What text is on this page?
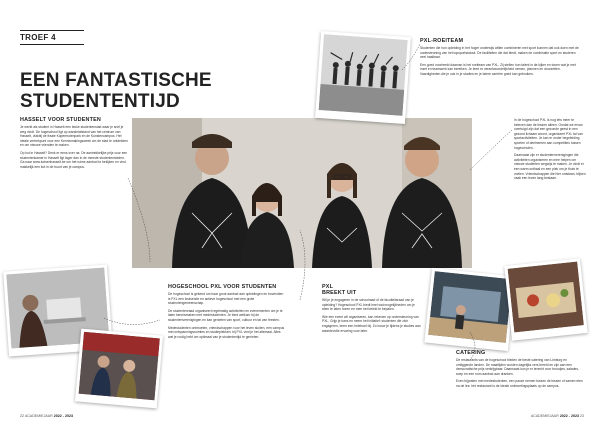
TROEF 4
EEN FANTASTISCHE STUDENTENTIJD
HASSELT VOOR STUDENTEN

Je werkt als student in Hasselt een leuke studentenstad waar je snel je weg vindt. De hogeschool ligt op wandelafstand van het centrum van Hasselt, vlakbij de fraaie Kapermolenpark en de Kunstencampus. Het ideale vertrekpunt voor een Kennismakingsweek om de stad te ontdekken en om nieuwe vrienden te maken.

Op kot in Hasselt? Denk er eens over na. De aantrekkelijke prijs voor een studentenkamer in Hasselt ligt lager dan in de meeste studentensteden. Ga naar www.kotsenhasselt.be om het ruime aanbod te bekijken en vind makkelijk een kot in de buurt van je campus.

HOGESCHOOL PXL VOOR STUDENTEN

De hogeschool is gekend om haar groot aanbod aan opleidingen en bovendien is PXL een bruisende en actieve hogeschool met een grote studentengemeenschap.

De studentenraad organiseert regelmatig activiteiten en evenementen om je te laten kennismaken met medestudenten. Je bent welkom bij de studentenverenigingen en kan genieten van sport, cultuur en tal van feesten.

Medestudenten ontmoeten, vriendschappen voor het leven sluiten, een campus met ontspanningsruimtes en studieplekken: bij PXL vind je het allemaal. Alles wat je nodig hebt om optimaal van je studententijd te genieten.

22 ACADEMIEJAAR 2022 - 2023
PXL-ROEITEAM

Studenten die hun opleiding in het hoger onderwijs willen combineren met sport kunnen dat ook doen met de ondersteuning van het topsportstatuut. De faciliteiten die dat biedt, maken de combinatie sport en studeren veel haalbaar.

Een goed voorbeeld daarvan is het roeiteam van PXL. Zij stellen hun talent in de kijker en tonen wat je met inzet en teamwerk kan bereiken. Je leert er verantwoordelijkheid nemen, plannen en doorzetten. Vaardigheden die je ook in je studies en je latere carrière goed kan gebruiken.

In de hogeschool PXL is nog iets meer te beleven dan de lessen alleen. Omdat we ervan overtuigd zijn dat een gezonde geest in een gezond lichaam woont, organiseert PXL tal van sportactiviteiten. Je kan er onder begeleiding sporten of deelnemen aan competities tussen hogescholen.

Daarnaast zijn er studentenverenigingen die activiteiten organiseren en mee helpen om nieuwe studenten wegwijs te maken. Je vindt er een warm onthaal en een plek om je thuis te voelen. Vriendschappen die hier ontstaan, blijven vaak een leven lang bestaan.

PXL
BREEKT UIT

Wil je je engageren in de schoolraad of de faculteitsraad van je opleiding? Hogeschool PXL biedt heel wat mogelijkheden om je stem te laten horen en mee het beleid te bepalen.

Wie een event wil organiseren, kan rekenen op ondersteuning van PXL. Grijp je kans en neem het initiatief: studenten die zich engageren, leren een heleboel bij. Zo bouw je tijdens je studies aan waardevolle ervaring voor later.

CATERING

De restaurants van de hogeschool bieden de beste catering van Limburg en omliggende landen. De maaltijden worden dagelijks vers bereid en zijn aan een democratische prijs verkrijgbaar. Daarnaast kun je er terecht voor broodjes, salades, soep en een ruim aanbod aan dranken.

Even bijpraten met medestudenten, een pauze nemen tussen de lessen of samen eten na de les: het restaurant is de ideale ontmoetingsplaats op de campus.

ACADEMIEJAAR 2022 - 2023 23
